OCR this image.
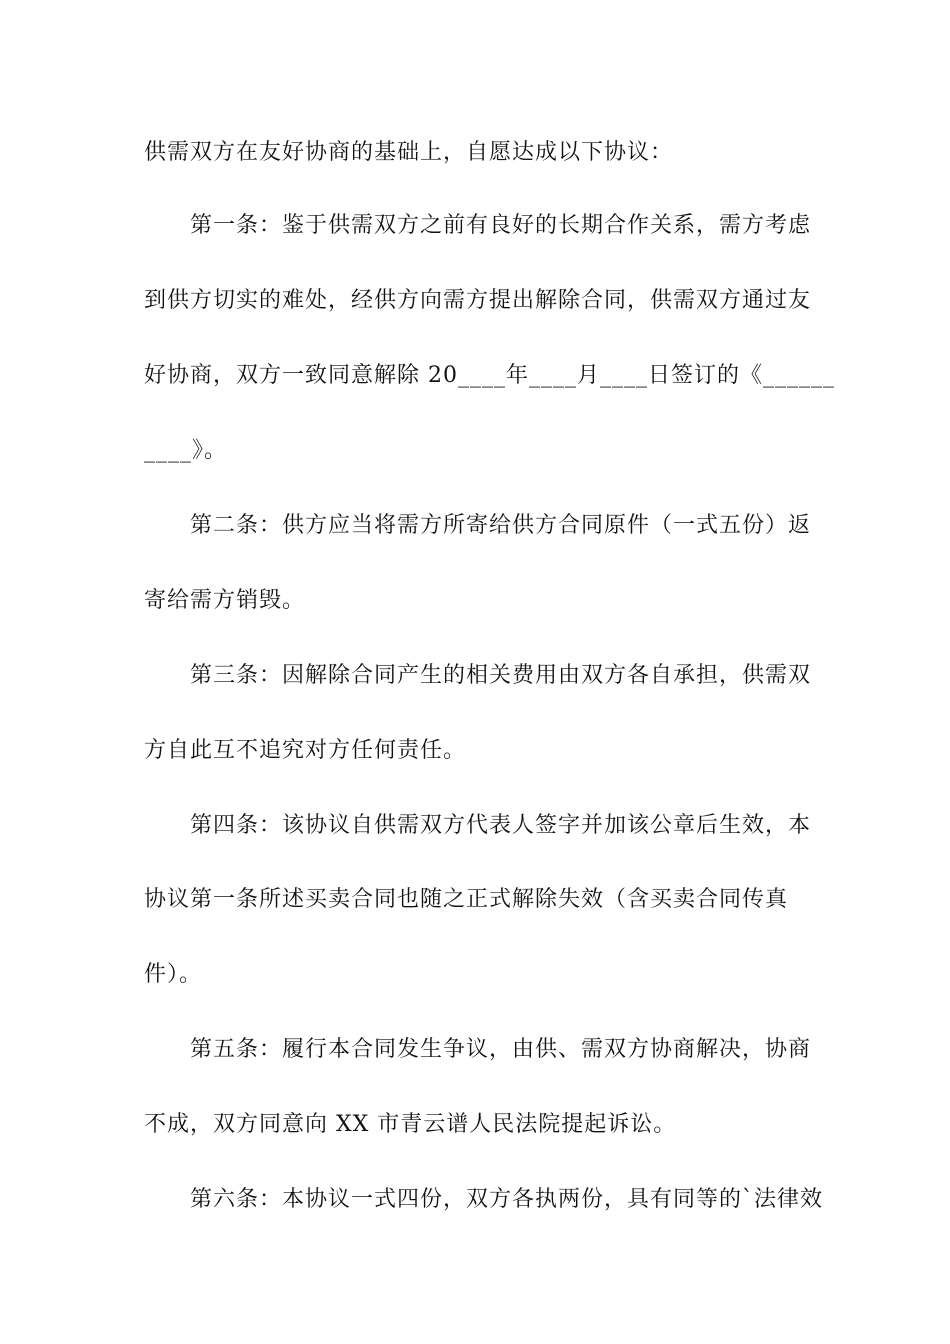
供需双方在友好协商的基础上，自愿达成以下协议：
第一条：鉴于供需双方之前有良好的长期合作关系，需方考虑
到供方切实的难处，经供方向需方提出解除合同，供需双方通过友
好协商，双方一致同意解除 20____年____月____日签订的《______
____》。
第二条：供方应当将需方所寄给供方合同原件（一式五份）返
寄给需方销毁。
第三条：因解除合同产生的相关费用由双方各自承担，供需双
方自此互不追究对方任何责任。
第四条：该协议自供需双方代表人签字并加该公章后生效，本
协议第一条所述买卖合同也随之正式解除失效（含买卖合同传真
件）。
第五条：履行本合同发生争议，由供、需双方协商解决，协商
不成，双方同意向 XX 市青云谱人民法院提起诉讼。
第六条：本协议一式四份，双方各执两份，具有同等的`法律效
